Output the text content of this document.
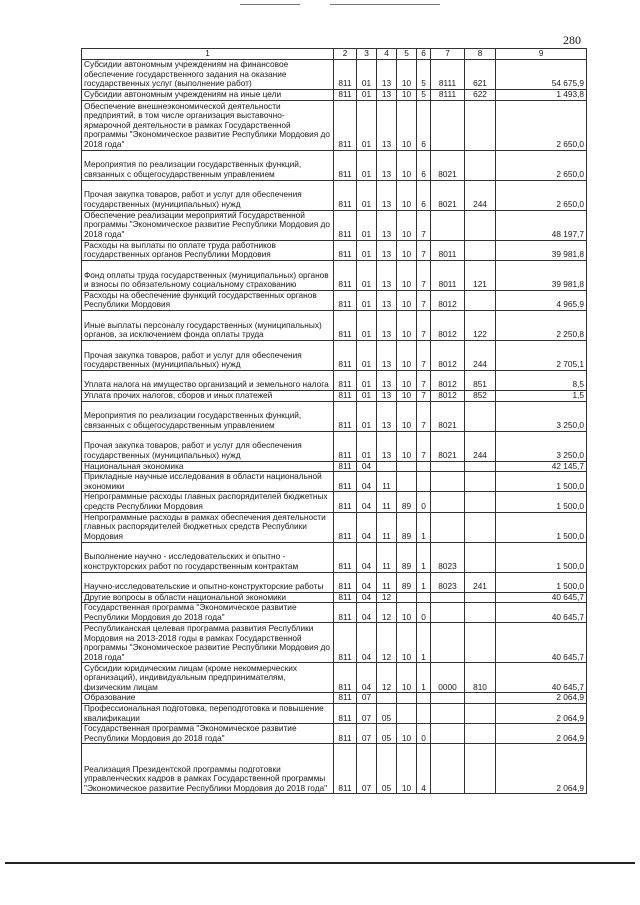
280
1	2	3	4	5	6	7	8	9
Субсидии автономным учреждениям на финансовое обеспечение государственного задания на оказание государственных услуг (выполнение работ)	811	01	13	10	5	8111	621	54 675,9
Субсидии автономным учреждениям на иные цели	811	01	13	10	5	8111	622	1 493,8
Обеспечение внешнеэкономической деятельности предприятий, в том числе организация выставочно-ярмарочной деятельности в рамках Государственной программы "Экономическое развитие Республики Мордовия до 2018 года"	811	01	13	10	6			2 650,0
Мероприятия по реализации государственных функций, связанных с общегосударственным управлением	811	01	13	10	6	8021		2 650,0
Прочая закупка товаров, работ и услуг для обеспечения государственных (муниципальных) нужд	811	01	13	10	6	8021	244	2 650,0
Обеспечение реализации мероприятий Государственной программы "Экономическое развитие Республики Мордовия до 2018 года"	811	01	13	10	7			48 197,7
Расходы на выплаты по оплате труда работников государственных органов Республики Мордовия	811	01	13	10	7	8011		39 981,8
Фонд оплаты труда государственных (муниципальных) органов и взносы по обязательному социальному страхованию	811	01	13	10	7	8011	121	39 981,8
Расходы на обеспечение функций государственных органов Республики Мордовия	811	01	13	10	7	8012		4 965,9
Иные выплаты персоналу государственных (муниципальных) органов, за исключением фонда оплаты труда	811	01	13	10	7	8012	122	2 250,8
Прочая закупка товаров, работ и услуг для обеспечения государственных (муниципальных) нужд	811	01	13	10	7	8012	244	2 705,1
Уплата налога на имущество организаций и земельного налога	811	01	13	10	7	8012	851	8,5
Уплата прочих налогов, сборов и иных платежей	811	01	13	10	7	8012	852	1,5
Мероприятия по реализации государственных функций, связанных с общегосударственным управлением	811	01	13	10	7	8021		3 250,0
Прочая закупка товаров, работ и услуг для обеспечения государственных (муниципальных) нужд	811	01	13	10	7	8021	244	3 250,0
Национальная экономика	811	04						42 145,7
Прикладные научные исследования в области национальной экономики	811	04	11					1 500,0
Непрограммные расходы главных распорядителей бюджетных средств Республики Мордовия	811	04	11	89	0			1 500,0
Непрограммные расходы в рамках обеспечения деятельности главных распорядителей бюджетных средств Республики Мордовия	811	04	11	89	1			1 500,0
Выполнение научно - исследовательских и опытно - конструкторских работ по государственным контрактам	811	04	11	89	1	8023		1 500,0
Научно-исследовательские и опытно-конструкторские работы	811	04	11	89	1	8023	241	1 500,0
Другие вопросы в области национальной экономики	811	04	12					40 645,7
Государственная программа "Экономическое развитие Республики Мордовия до 2018 года"	811	04	12	10	0			40 645,7
Республиканская целевая программа развития Республики Мордовия на 2013-2018 годы в рамках Государственной программы "Экономическое развитие Республики Мордовия до 2018 года"	811	04	12	10	1			40 645,7
Субсидии юридическим лицам (кроме некоммерческих организаций), индивидуальным предпринимателям, физическим лицам	811	04	12	10	1	0000	810	40 645,7
Образование	811	07						2 064,9
Профессиональная подготовка, переподготовка и повышение квалификации	811	07	05					2 064,9
Государственная программа "Экономическое развитие Республики Мордовия до 2018 года"	811	07	05	10	0			2 064,9
Реализация Президентской программы подготовки управленческих кадров в рамках Государственной программы "Экономическое развитие Республики Мордовия до 2018 года"	811	07	05	10	4			2 064,9
